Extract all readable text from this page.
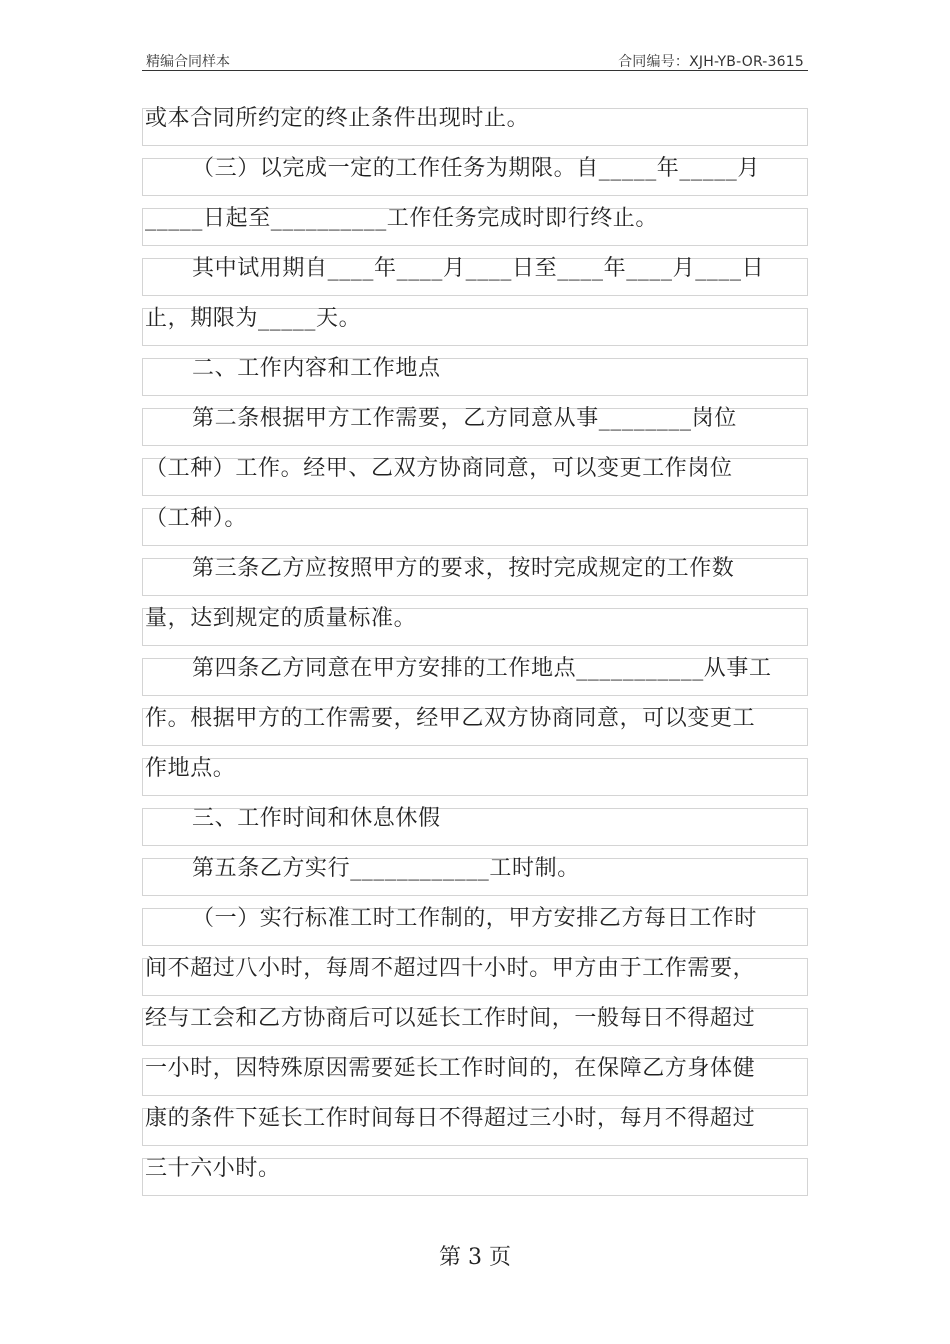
精编合同样本	合同编号：XJH-YB-OR-3615
或本合同所约定的终止条件出现时止。
（三）以完成一定的工作任务为期限。自_____年_____月
_____日起至__________工作任务完成时即行终止。
其中试用期自____年____月____日至____年____月____日
止，期限为_____天。
二、工作内容和工作地点
第二条根据甲方工作需要，乙方同意从事________岗位
（工种）工作。经甲、乙双方协商同意，可以变更工作岗位
（工种）。
第三条乙方应按照甲方的要求，按时完成规定的工作数
量，达到规定的质量标准。
第四条乙方同意在甲方安排的工作地点___________从事工
作。根据甲方的工作需要，经甲乙双方协商同意，可以变更工
作地点。
三、工作时间和休息休假
第五条乙方实行____________工时制。
（一）实行标准工时工作制的，甲方安排乙方每日工作时
间不超过八小时，每周不超过四十小时。甲方由于工作需要，
经与工会和乙方协商后可以延长工作时间，一般每日不得超过
一小时，因特殊原因需要延长工作时间的，在保障乙方身体健
康的条件下延长工作时间每日不得超过三小时，每月不得超过
三十六小时。
第 3 页
